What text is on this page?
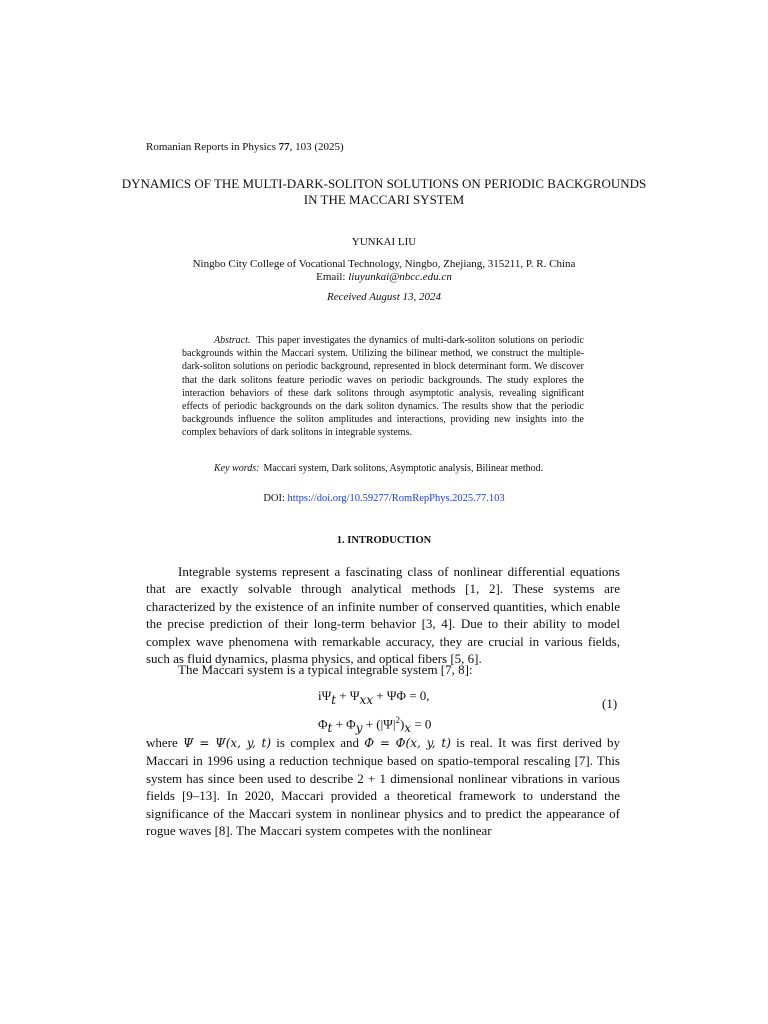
Romanian Reports in Physics 77, 103 (2025)
DYNAMICS OF THE MULTI-DARK-SOLITON SOLUTIONS ON PERIODIC BACKGROUNDS IN THE MACCARI SYSTEM
YUNKAI LIU
Ningbo City College of Vocational Technology, Ningbo, Zhejiang, 315211, P. R. China
Email: liuyunkai@nbcc.edu.cn
Received August 13, 2024
Abstract. This paper investigates the dynamics of multi-dark-soliton solutions on periodic backgrounds within the Maccari system. Utilizing the bilinear method, we construct the multiple-dark-soliton solutions on periodic background, represented in block determinant form. We discover that the dark solitons feature periodic waves on periodic backgrounds. The study explores the interaction behaviors of these dark solitons through asymptotic analysis, revealing significant effects of periodic backgrounds on the dark soliton dynamics. The results show that the periodic backgrounds influence the soliton amplitudes and interactions, providing new insights into the complex behaviors of dark solitons in integrable systems.
Key words: Maccari system, Dark solitons, Asymptotic analysis, Bilinear method.
DOI: https://doi.org/10.59277/RomRepPhys.2025.77.103
1. INTRODUCTION
Integrable systems represent a fascinating class of nonlinear differential equations that are exactly solvable through analytical methods [1, 2]. These systems are characterized by the existence of an infinite number of conserved quantities, which enable the precise prediction of their long-term behavior [3, 4]. Due to their ability to model complex wave phenomena with remarkable accuracy, they are crucial in various fields, such as fluid dynamics, plasma physics, and optical fibers [5, 6].
The Maccari system is a typical integrable system [7, 8]:
$i\Psi_t + \Psi_{xx} + \Psi\Phi = 0$,
$\Phi_t + \Phi_y + (|\Psi|^2)_x = 0$
(1)
where Ψ = Ψ(x, y, t) is complex and Φ = Φ(x, y, t) is real. It was first derived by Maccari in 1996 using a reduction technique based on spatio-temporal rescaling [7]. This system has since been used to describe 2 + 1 dimensional nonlinear vibrations in various fields [9–13]. In 2020, Maccari provided a theoretical framework to understand the significance of the Maccari system in nonlinear physics and to predict the appearance of rogue waves [8]. The Maccari system competes with the nonlinear
